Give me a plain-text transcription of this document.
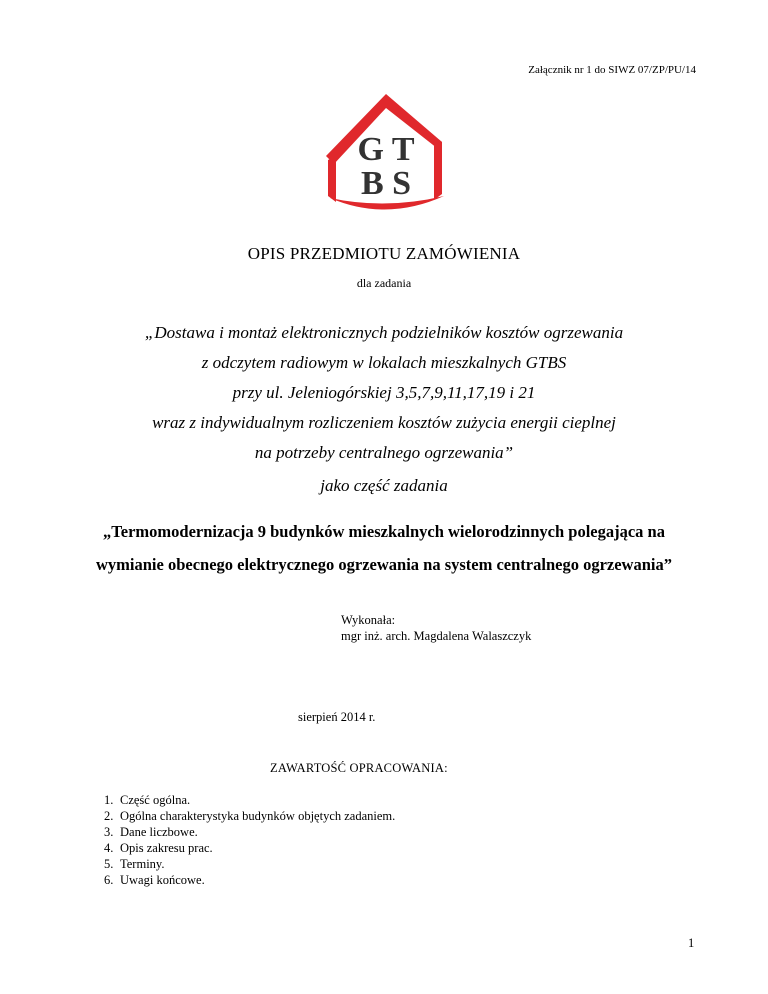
Załącznik nr 1 do SIWZ 07/ZP/PU/14
G T
B S
OPIS PRZEDMIOTU ZAMÓWIENIA
dla zadania
„Dostawa i montaż elektronicznych podzielników kosztów ogrzewania
z odczytem radiowym w lokalach mieszkalnych GTBS
przy ul. Jeleniogórskiej 3,5,7,9,11,17,19 i 21
wraz z indywidualnym rozliczeniem kosztów zużycia energii cieplnej
na potrzeby centralnego ogrzewania”
jako część zadania
„Termomodernizacja 9 budynków mieszkalnych wielorodzinnych polegająca na
wymianie obecnego elektrycznego ogrzewania na system centralnego ogrzewania”
Wykonała:
mgr inż. arch. Magdalena Walaszczyk
sierpień 2014 r.
ZAWARTOŚĆ OPRACOWANIA:
1. Część ogólna.
2. Ogólna charakterystyka budynków objętych zadaniem.
3. Dane liczbowe.
4. Opis zakresu prac.
5. Terminy.
6. Uwagi końcowe.
1
